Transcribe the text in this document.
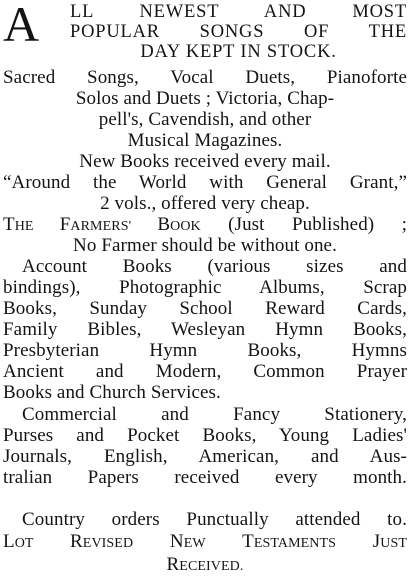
A LL NEWEST AND MOST
POPULAR SONGS OF THE
DAY KEPT IN STOCK.
Sacred Songs, Vocal Duets, Pianoforte
Solos and Duets ; Victoria, Chap-
pell's, Cavendish, and other
Musical Magazines.
New Books received every mail.
“Around the World with General Grant,”
2 vols., offered very cheap.
THE FARMERS' BOOK (Just Published) ;
No Farmer should be without one.
Account Books (various sizes and
bindings), Photographic Albums, Scrap
Books, Sunday School Reward Cards,
Family Bibles, Wesleyan Hymn Books,
Presbyterian Hymn Books, Hymns
Ancient and Modern, Common Prayer
Books and Church Services.
Commercial and Fancy Stationery,
Purses and Pocket Books, Young Ladies'
Journals, English, American, and Aus-
tralian Papers received every month.
Country orders Punctually attended to.
LOT REVISED NEW TESTAMENTS JUST
RECEIVED.
